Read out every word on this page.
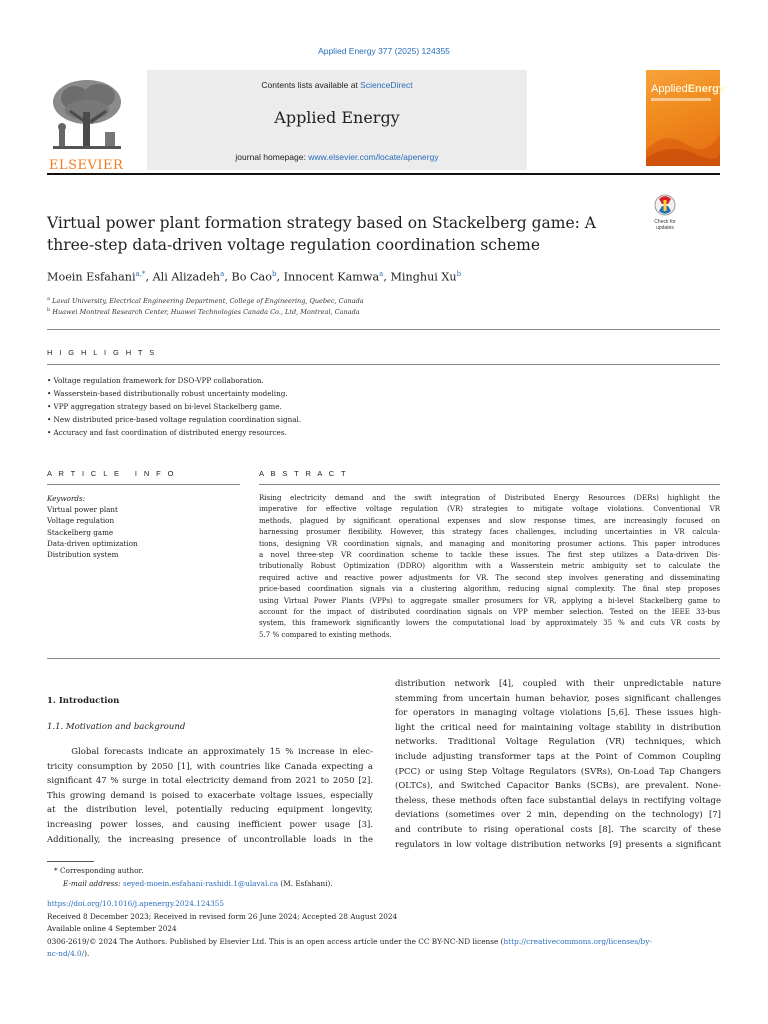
Applied Energy 377 (2025) 124355
ELSEVIER
Contents lists available at ScienceDirect
Applied Energy
journal homepage: www.elsevier.com/locate/apenergy
AppliedEnergy
Virtual power plant formation strategy based on Stackelberg game: A
three-step data-driven voltage regulation coordination scheme
Check for
updates
Moein Esfahani$^{a,*}$, Ali Alizadeh$^a$, Bo Cao$^b$, Innocent Kamwa$^a$, Minghui Xu$^b$
$^a$ Laval University, Electrical Engineering Department, College of Engineering, Quebec, Canada
$^b$ Huawei Montreal Research Center, Huawei Technologies Canada Co., Ltd, Montreal, Canada
H I G H L I G H T S
• Voltage regulation framework for DSO-VPP collaboration.
• Wasserstein-based distributionally robust uncertainty modeling.
• VPP aggregation strategy based on bi-level Stackelberg game.
• New distributed price-based voltage regulation coordination signal.
• Accuracy and fast coordination of distributed energy resources.
A R T I C L E   I N F O	A B S T R A C T
Keywords:
Virtual power plant
Voltage regulation
Stackelberg game
Data-driven optimization
Distribution system
Rising electricity demand and the swift integration of Distributed Energy Resources (DERs) highlight the
imperative for effective voltage regulation (VR) strategies to mitigate voltage violations. Conventional VR
methods, plagued by significant operational expenses and slow response times, are increasingly focused on
harnessing prosumer flexibility. However, this strategy faces challenges, including uncertainties in VR calcula-
tions, designing VR coordination signals, and managing and monitoring prosumer actions. This paper introduces
a novel three-step VR coordination scheme to tackle these issues. The first step utilizes a Data-driven Dis-
tributionally Robust Optimization (DDRO) algorithm with a Wasserstein metric ambiguity set to calculate the
required active and reactive power adjustments for VR. The second step involves generating and disseminating
price-based coordination signals via a clustering algorithm, reducing signal complexity. The final step proposes
using Virtual Power Plants (VPPs) to aggregate smaller prosumers for VR, applying a bi-level Stackelberg game to
account for the impact of distributed coordination signals on VPP member selection. Tested on the IEEE 33-bus
system, this framework significantly lowers the computational load by approximately 35 % and cuts VR costs by
5.7 % compared to existing methods.
1. Introduction
1.1. Motivation and background
Global forecasts indicate an approximately 15 % increase in elec-
tricity consumption by 2050 [1], with countries like Canada expecting a
significant 47 % surge in total electricity demand from 2021 to 2050 [2].
This growing demand is poised to exacerbate voltage issues, especially
at the distribution level, potentially reducing equipment longevity,
increasing power losses, and causing inefficient power usage [3].
Additionally, the increasing presence of uncontrollable loads in the
distribution network [4], coupled with their unpredictable nature
stemming from uncertain human behavior, poses significant challenges
for operators in managing voltage violations [5,6]. These issues high-
light the critical need for maintaining voltage stability in distribution
networks. Traditional Voltage Regulation (VR) techniques, which
include adjusting transformer taps at the Point of Common Coupling
(PCC) or using Step Voltage Regulators (SVRs), On-Load Tap Changers
(OLTCs), and Switched Capacitor Banks (SCBs), are prevalent. None-
theless, these methods often face substantial delays in rectifying voltage
deviations (sometimes over 2 min, depending on the technology) [7]
and contribute to rising operational costs [8]. The scarcity of these
regulators in low voltage distribution networks [9] presents a significant
* Corresponding author.
E-mail address: seyed-moein.esfahani-rashidi.1@ulaval.ca (M. Esfahani).
https://doi.org/10.1016/j.apenergy.2024.124355
Received 8 December 2023; Received in revised form 26 June 2024; Accepted 28 August 2024
Available online 4 September 2024
0306-2619/© 2024 The Authors. Published by Elsevier Ltd. This is an open access article under the CC BY-NC-ND license (http://creativecommons.org/licenses/by-
nc-nd/4.0/).
